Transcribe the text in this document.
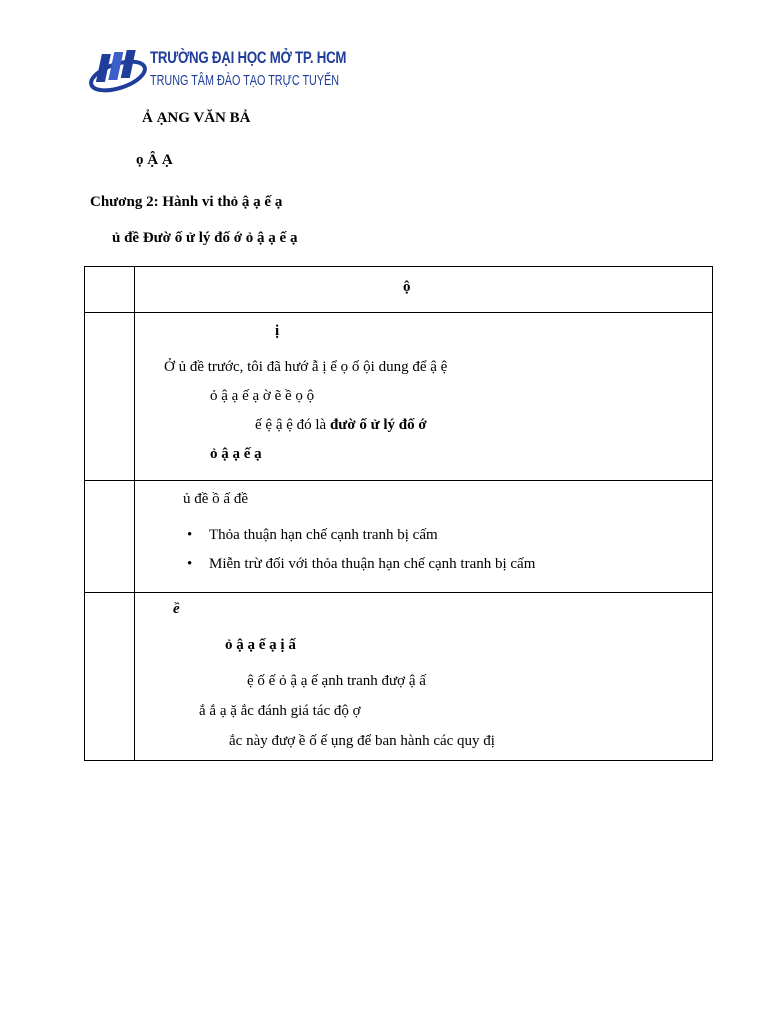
TRƯỜNG ĐẠI HỌC MỞ TP. HCM
TRUNG TÂM ĐÀO TẠO TRỰC TUYẾN
Ả ẠNG VĂN BẢ
ọ Ậ Ạ
Chương 2: Hành vi thỏ ậ ạ ế ạ
ủ đề Đườ ố ử lý đố ớ ỏ ậ ạ ế ạ

	ộ

	ị
Ở ủ đề trước, tôi đã hướ ẫ ị ể ọ ố ội dung để ậ ệ
ỏ ậ ạ ế ạ ờ ẽ ề ọ ộ
ế ệ ậ ệ đó là đườ ố ử lý đố ớ
ỏ ậ ạ ế ạ

	ủ đề ồ ấ đề
• Thỏa thuận hạn chế cạnh tranh bị cấm
• Miễn trừ đối với thỏa thuận hạn chế cạnh tranh bị cấm

	ề
ỏ ậ ạ ế ạ ị ấ
ệ ố ế ỏ ậ ạ ế ạnh tranh đượ ậ ấ
ắ ắ ạ ặ ắc đánh giá tác độ ợ
ắc này đượ ề ố ế ụng để ban hành các quy đị
